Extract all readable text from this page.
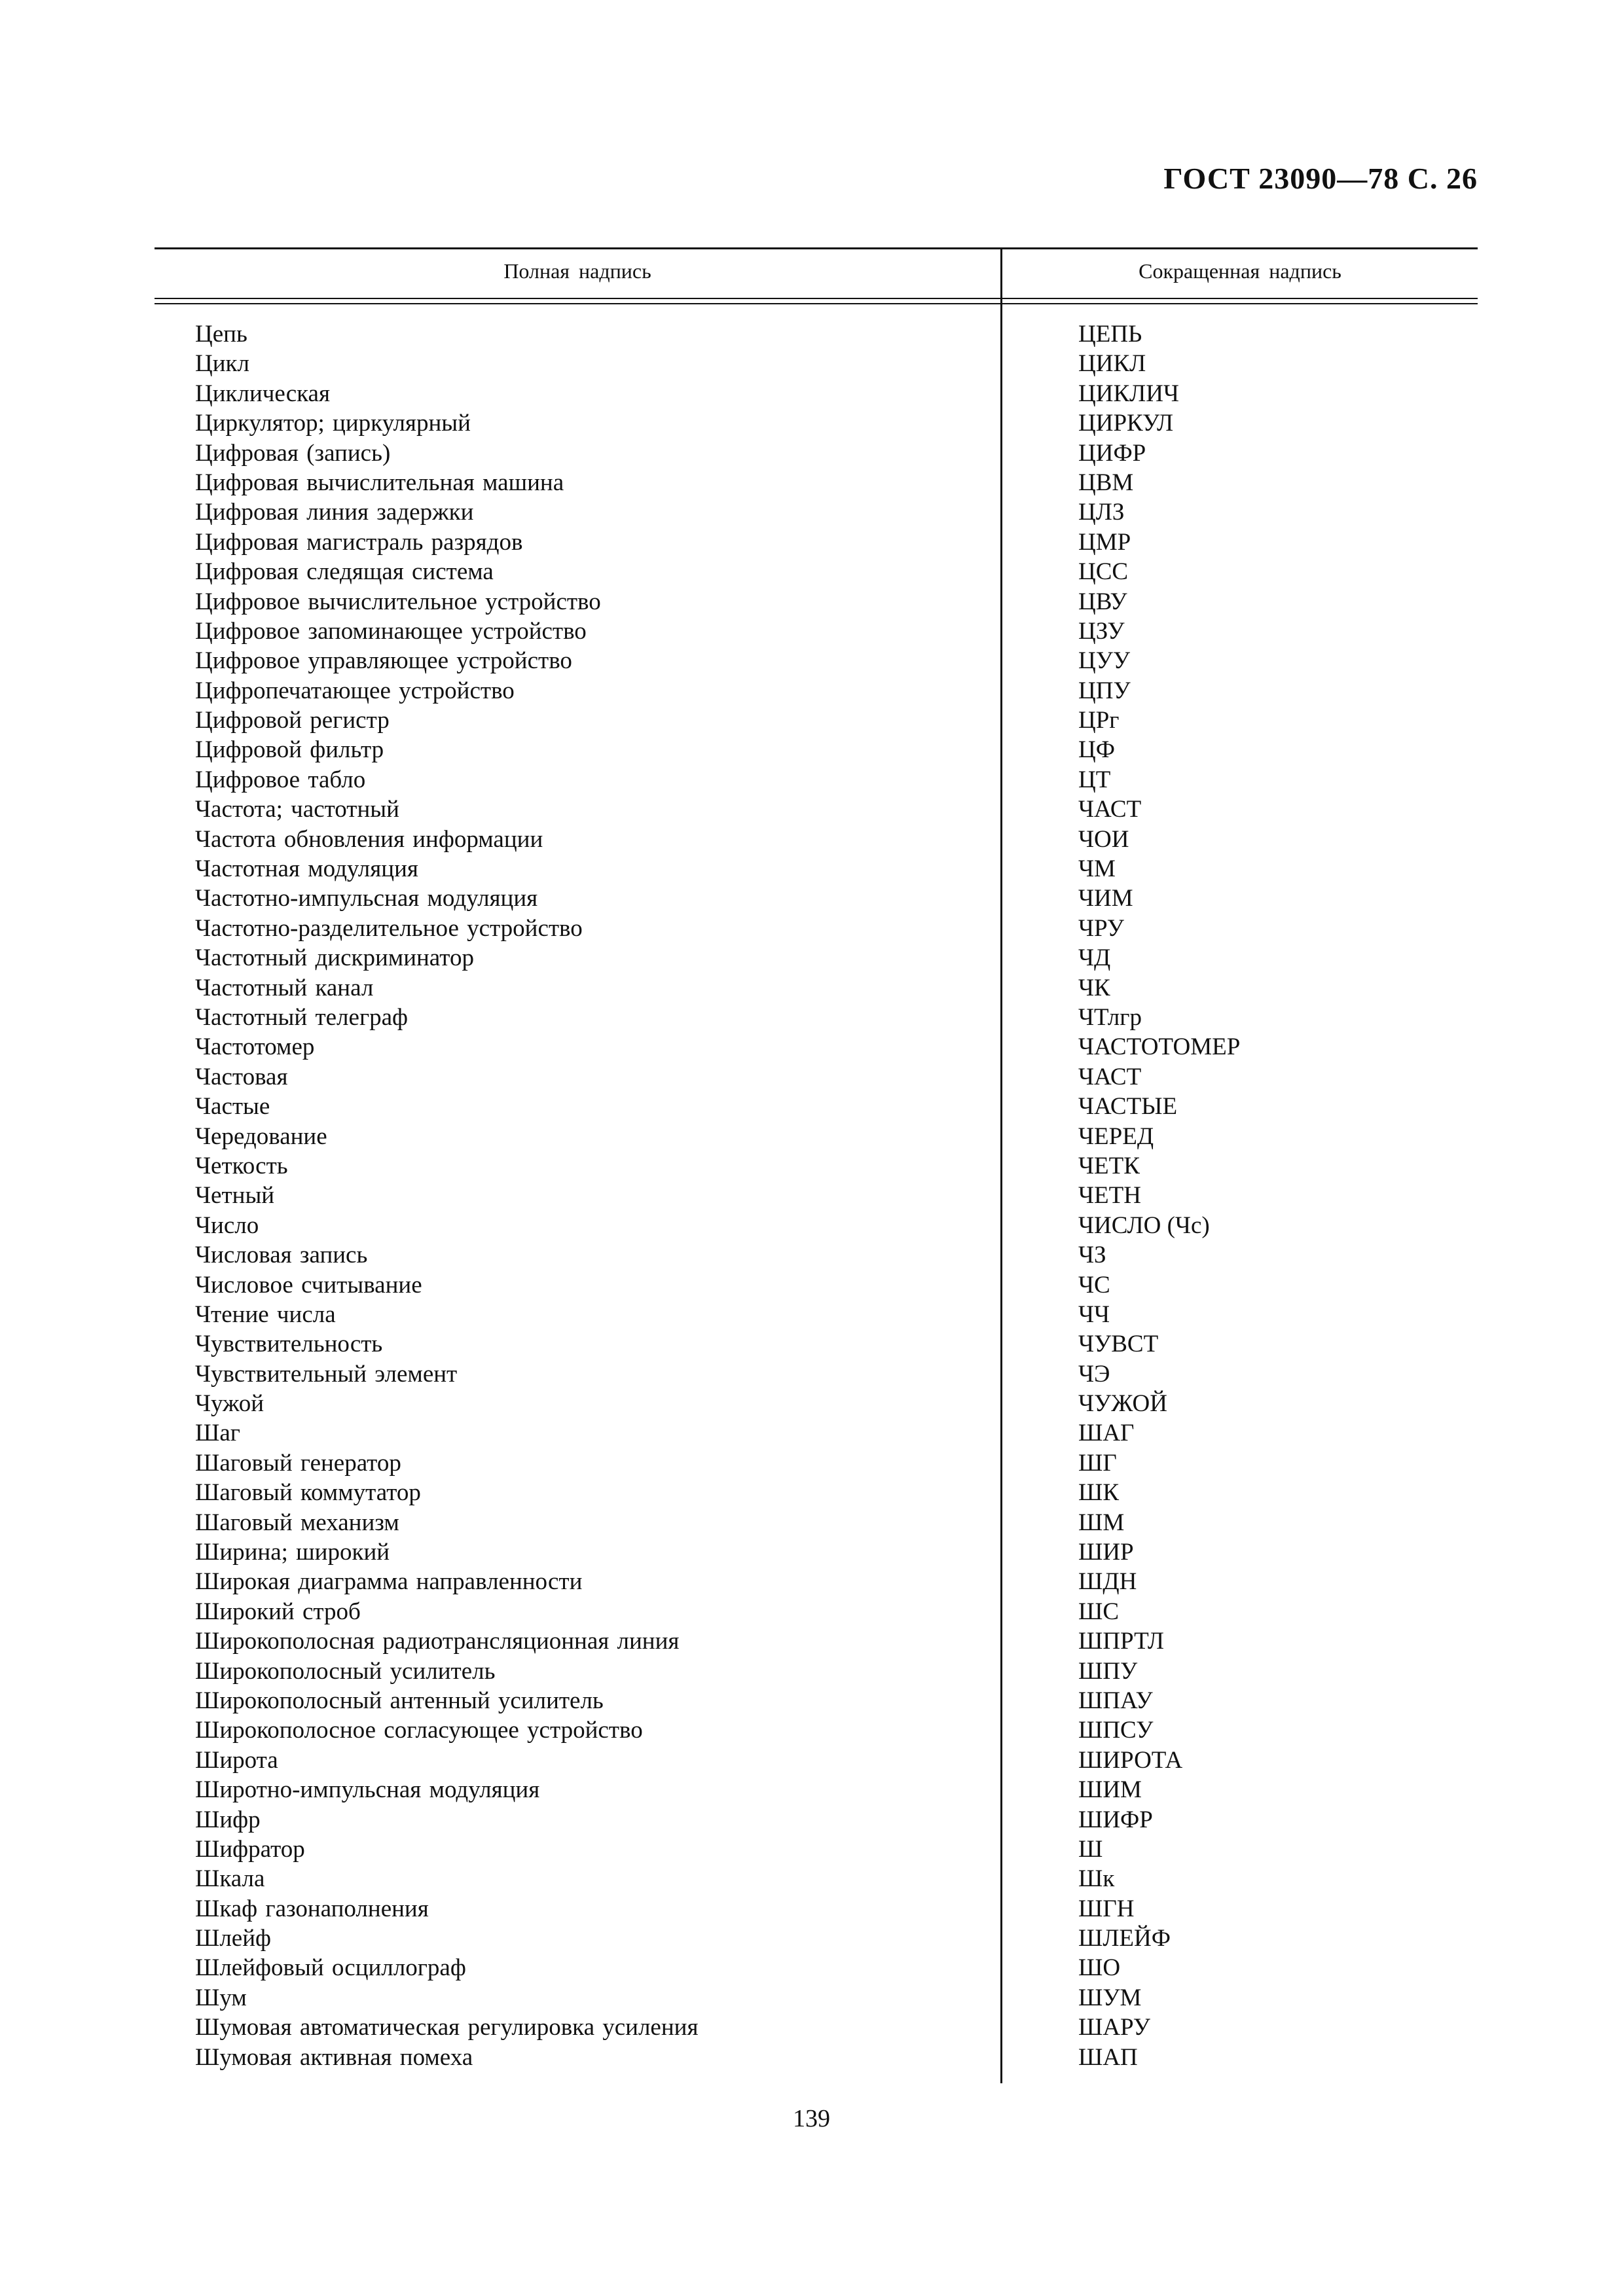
ГОСТ 23090—78 С. 26
Полная надпись	Сокращенная надпись
Цепь	ЦЕПЬ
Цикл	ЦИКЛ
Циклическая	ЦИКЛИЧ
Циркулятор; циркулярный	ЦИРКУЛ
Цифровая (запись)	ЦИФР
Цифровая вычислительная машина	ЦВМ
Цифровая линия задержки	ЦЛЗ
Цифровая магистраль разрядов	ЦМР
Цифровая следящая система	ЦСС
Цифровое вычислительное устройство	ЦВУ
Цифровое запоминающее устройство	ЦЗУ
Цифровое управляющее устройство	ЦУУ
Цифропечатающее устройство	ЦПУ
Цифровой регистр	ЦРг
Цифровой фильтр	ЦФ
Цифровое табло	ЦТ
Частота; частотный	ЧАСТ
Частота обновления информации	ЧОИ
Частотная модуляция	ЧМ
Частотно-импульсная модуляция	ЧИМ
Частотно-разделительное устройство	ЧРУ
Частотный дискриминатор	ЧД
Частотный канал	ЧК
Частотный телеграф	ЧТлгр
Частотомер	ЧАСТОТОМЕР
Частовая	ЧАСТ
Частые	ЧАСТЫЕ
Чередование	ЧЕРЕД
Четкость	ЧЕТК
Четный	ЧЕТН
Число	ЧИСЛО (Чс)
Числовая запись	ЧЗ
Числовое считывание	ЧС
Чтение числа	ЧЧ
Чувствительность	ЧУВСТ
Чувствительный элемент	ЧЭ
Чужой	ЧУЖОЙ
Шаг	ШАГ
Шаговый генератор	ШГ
Шаговый коммутатор	ШК
Шаговый механизм	ШМ
Ширина; широкий	ШИР
Широкая диаграмма направленности	ШДН
Широкий строб	ШС
Широкополосная радиотрансляционная линия	ШПРТЛ
Широкополосный усилитель	ШПУ
Широкополосный антенный усилитель	ШПАУ
Широкополосное согласующее устройство	ШПСУ
Широта	ШИРОТА
Широтно-импульсная модуляция	ШИМ
Шифр	ШИФР
Шифратор	Ш
Шкала	Шк
Шкаф газонаполнения	ШГН
Шлейф	ШЛЕЙФ
Шлейфовый осциллограф	ШО
Шум	ШУМ
Шумовая автоматическая регулировка усиления	ШАРУ
Шумовая активная помеха	ШАП
139
